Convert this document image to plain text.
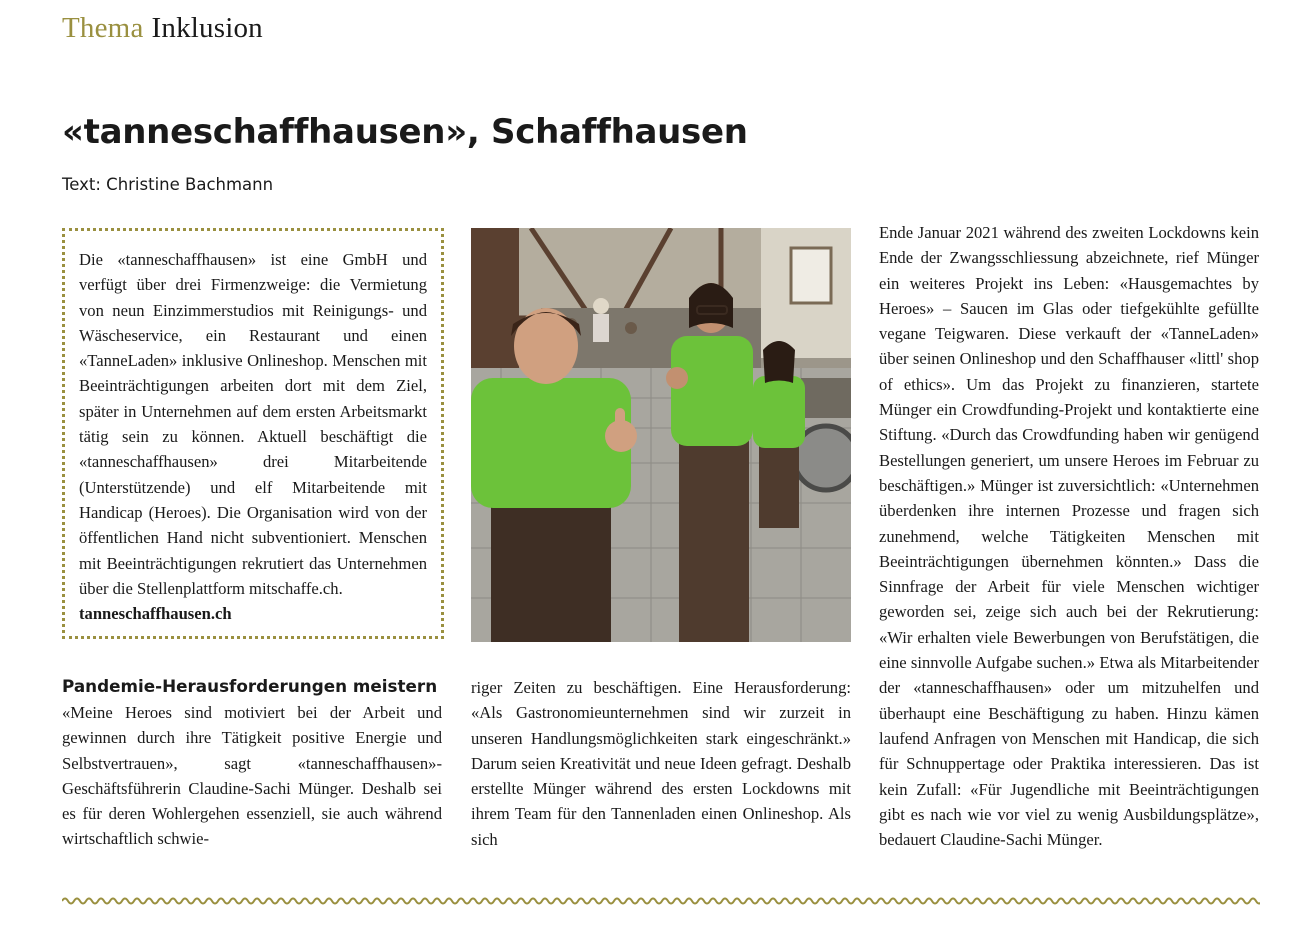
Thema Inklusion
«tanneschaffhausen», Schaffhausen
Text: Christine Bachmann

Die «tanneschaffhausen» ist eine GmbH und verfügt über drei Firmenzweige: die Vermietung von neun Einzimmerstudios mit Reinigungs- und Wäscheservice, ein Restaurant und einen «TanneLaden» inklusive Onlineshop. Menschen mit Beeinträchtigungen arbeiten dort mit dem Ziel, später in Unternehmen auf dem ersten Arbeitsmarkt tätig sein zu können. Aktuell beschäftigt die «tanneschaffhausen» drei Mitarbeitende (Unterstützende) und elf Mitarbeitende mit Handicap (Heroes). Die Organisation wird von der öffentlichen Hand nicht subventioniert. Menschen mit Beeinträchtigungen rekrutiert das Unternehmen über die Stellenplattform mitschaffe.ch.

tanneschaffhausen.ch

Pandemie-Herausforderungen meistern

«Meine Heroes sind motiviert bei der Arbeit und gewinnen durch ihre Tätigkeit positive Energie und Selbstvertrauen», sagt «tanneschaffhausen»-Geschäftsführerin Claudine-Sachi Münger. Deshalb sei es für deren Wohlergehen essenziell, sie auch während wirtschaftlich schwie-

riger Zeiten zu beschäftigen. Eine Herausforderung: «Als Gastronomieunternehmen sind wir zurzeit in unseren Handlungsmöglichkeiten stark eingeschränkt.» Darum seien Kreativität und neue Ideen gefragt. Deshalb erstellte Münger während des ersten Lockdowns mit ihrem Team für den Tannenladen einen Onlineshop. Als sich

Ende Januar 2021 während des zweiten Lockdowns kein Ende der Zwangsschliessung abzeichnete, rief Münger ein weiteres Projekt ins Leben: «Hausgemachtes by Heroes» – Saucen im Glas oder tiefgekühlte gefüllte vegane Teigwaren. Diese verkauft der «TanneLaden» über seinen Onlineshop und den Schaffhauser «littl' shop of ethics». Um das Projekt zu finanzieren, startete Münger ein Crowdfunding-Projekt und kontaktierte eine Stiftung. «Durch das Crowdfunding haben wir genügend Bestellungen generiert, um unsere Heroes im Februar zu beschäftigen.» Münger ist zuversichtlich: «Unternehmen überdenken ihre internen Prozesse und fragen sich zunehmend, welche Tätigkeiten Menschen mit Beeinträchtigungen übernehmen könnten.» Dass die Sinnfrage der Arbeit für viele Menschen wichtiger geworden sei, zeige sich auch bei der Rekrutierung: «Wir erhalten viele Bewerbungen von Berufstätigen, die eine sinnvolle Aufgabe suchen.» Etwa als Mitarbeitender der «tanneschaffhausen» oder um mitzuhelfen und überhaupt eine Beschäftigung zu haben. Hinzu kämen laufend Anfragen von Menschen mit Handicap, die sich für Schnuppertage oder Praktika interessieren. Das ist kein Zufall: «Für Jugendliche mit Beeinträchtigungen gibt es nach wie vor viel zu wenig Ausbildungsplätze», bedauert Claudine-Sachi Münger.
